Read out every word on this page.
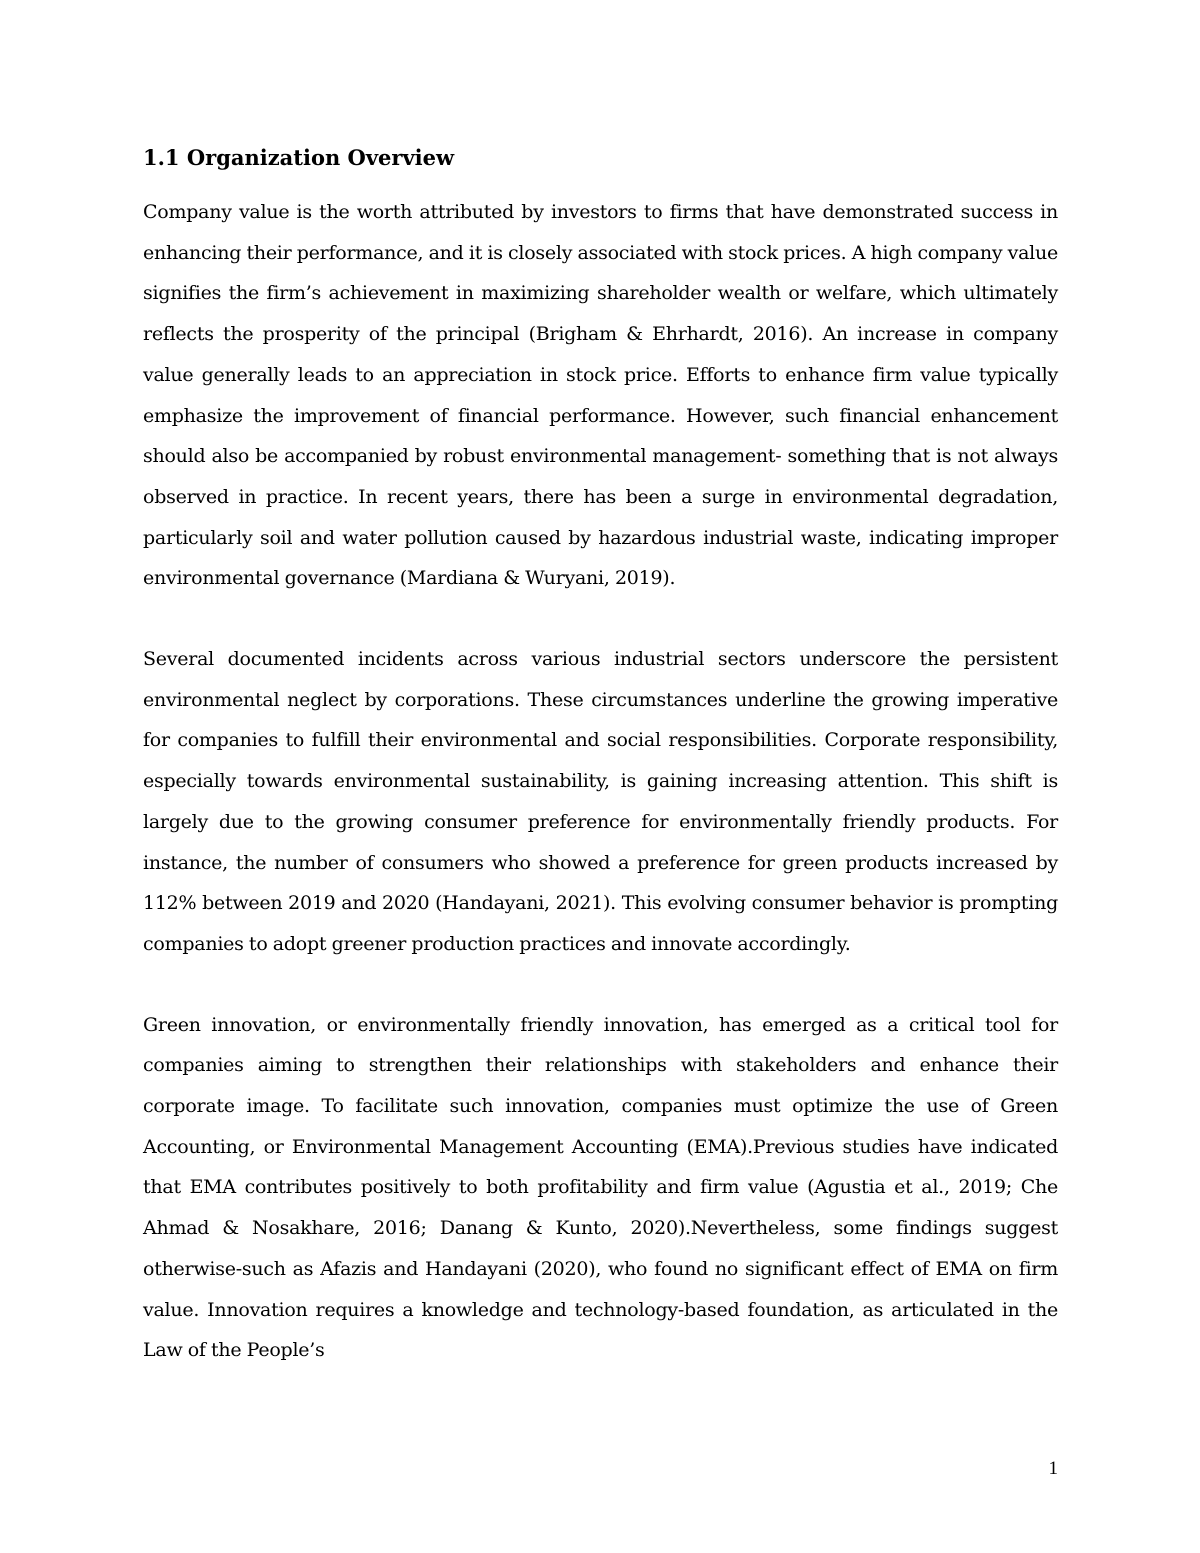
1.1 Organization Overview

Company value is the worth attributed by investors to firms that have demonstrated success in enhancing their performance, and it is closely associated with stock prices. A high company value signifies the firm’s achievement in maximizing shareholder wealth or welfare, which ultimately reflects the prosperity of the principal (Brigham & Ehrhardt, 2016). An increase in company value generally leads to an appreciation in stock price. Efforts to enhance firm value typically emphasize the improvement of financial performance. However, such financial enhancement should also be accompanied by robust environmental management- something that is not always observed in practice. In recent years, there has been a surge in environmental degradation, particularly soil and water pollution caused by hazardous industrial waste, indicating improper environmental governance (Mardiana & Wuryani, 2019).

Several documented incidents across various industrial sectors underscore the persistent environmental neglect by corporations. These circumstances underline the growing imperative for companies to fulfill their environmental and social responsibilities. Corporate responsibility, especially towards environmental sustainability, is gaining increasing attention. This shift is largely due to the growing consumer preference for environmentally friendly products. For instance, the number of consumers who showed a preference for green products increased by 112% between 2019 and 2020 (Handayani, 2021). This evolving consumer behavior is prompting companies to adopt greener production practices and innovate accordingly.

Green innovation, or environmentally friendly innovation, has emerged as a critical tool for companies aiming to strengthen their relationships with stakeholders and enhance their corporate image. To facilitate such innovation, companies must optimize the use of Green Accounting, or Environmental Management Accounting (EMA).Previous studies have indicated that EMA contributes positively to both profitability and firm value (Agustia et al., 2019; Che Ahmad & Nosakhare, 2016; Danang & Kunto, 2020).Nevertheless, some findings suggest otherwise-such as Afazis and Handayani (2020), who found no significant effect of EMA on firm value. Innovation requires a knowledge and technology-based foundation, as articulated in the Law of the People’s

1
